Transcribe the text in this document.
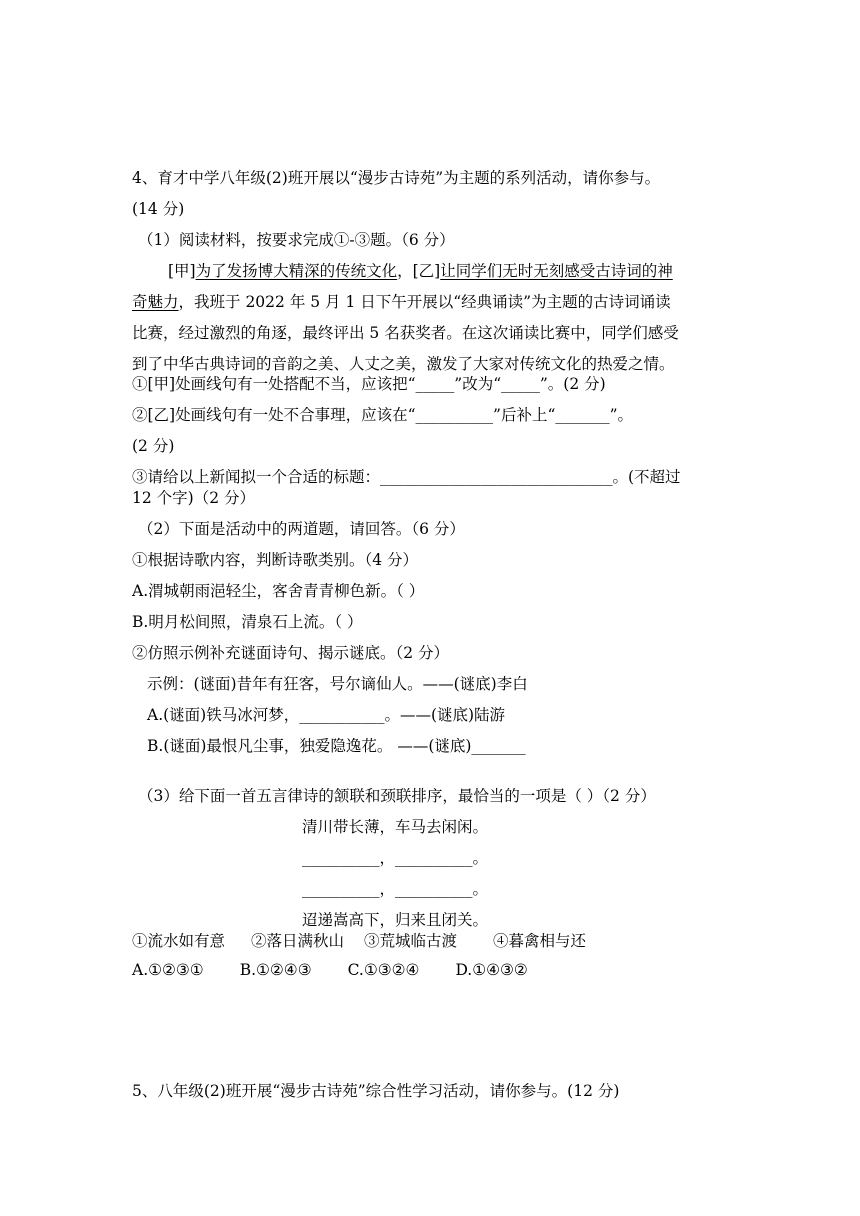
4、育才中学八年级(2)班开展以“漫步古诗苑”为主题的系列活动，请你参与。
(14 分)
（1）阅读材料，按要求完成①-③题。（6 分）
[甲]为了发扬博大精深的传统文化，[乙]让同学们无时无刻感受古诗词的神
奇魅力，我班于 2022 年 5 月 1 日下午开展以“经典诵读”为主题的古诗词诵读
比赛，经过激烈的角逐，最终评出 5 名获奖者。在这次诵读比赛中，同学们感受
到了中华古典诗词的音韵之美、人丈之美，激发了大家对传统文化的热爱之情。
①[甲]处画线句有一处搭配不当，应该把“_____”改为“_____”。(2 分)
②[乙]处画线句有一处不合事理，应该在“__________”后补上“_______”。
(2 分)
③请给以上新闻拟一个合适的标题：______________________________。(不超过
12 个字)（2 分）
（2）下面是活动中的两道题，请回答。（6 分）
①根据诗歌内容，判断诗歌类别。（4 分）
A.渭城朝雨浥轻尘，客舍青青柳色新。（ ）
B.明月松间照，清泉石上流。（ ）
②仿照示例补充谜面诗句、揭示谜底。（2 分）
示例：(谜面)昔年有狂客，号尔谪仙人。——(谜底)李白
A.(谜面)铁马冰河梦，___________。——(谜底)陆游
B.(谜面)最恨凡尘事，独爱隐逸花。 ——(谜底)_______
（3）给下面一首五言律诗的颔联和颈联排序，最恰当的一项是（ ）（2 分）
清川带长薄，车马去闲闲。
__________，__________。
__________，__________。
迢递嵩高下，归来且闭关。
①流水如有意 ②落日满秋山 ③荒城临古渡 ④暮禽相与还
A.①②③① B.①②④③ C.①③②④ D.①④③②
5、八年级(2)班开展“漫步古诗苑”综合性学习活动，请你参与。(12 分)
